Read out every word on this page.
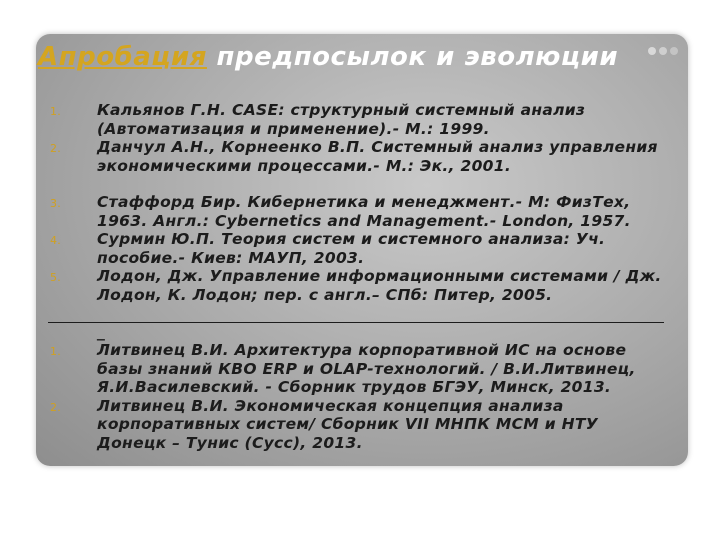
Апробация предпосылок и эволюции
1. Кальянов Г.Н. CASE: структурный системный анализ (Автоматизация и применение).- М.: 1999.
2. Данчул А.Н., Корнеенко В.П. Системный анализ управления экономическими процессами.- М.: Эк., 2001.
3. Стаффорд Бир. Кибернетика и менеджмент.- М: ФизТех, 1963. Англ.: Cybernetics and Management.- London, 1957.
4. Сурмин Ю.П. Теория систем и системного анализа: Уч. пособие.- Киев: МАУП, 2003.
5. Лодон, Дж. Управление информационными системами / Дж. Лодон, К. Лодон; пер. с англ.– СПб: Питер, 2005.
_
1. Литвинец В.И. Архитектура корпоративной ИС на основе базы знаний КВО ERP и OLAP-технологий. / В.И.Литвинец, Я.И.Василевский. - Сборник трудов БГЭУ, Минск, 2013.
2. Литвинец В.И. Экономическая концепция анализа корпоративных систем/ Сборник VII МНПК МСМ и НТУ Донецк – Тунис (Сусс), 2013.
